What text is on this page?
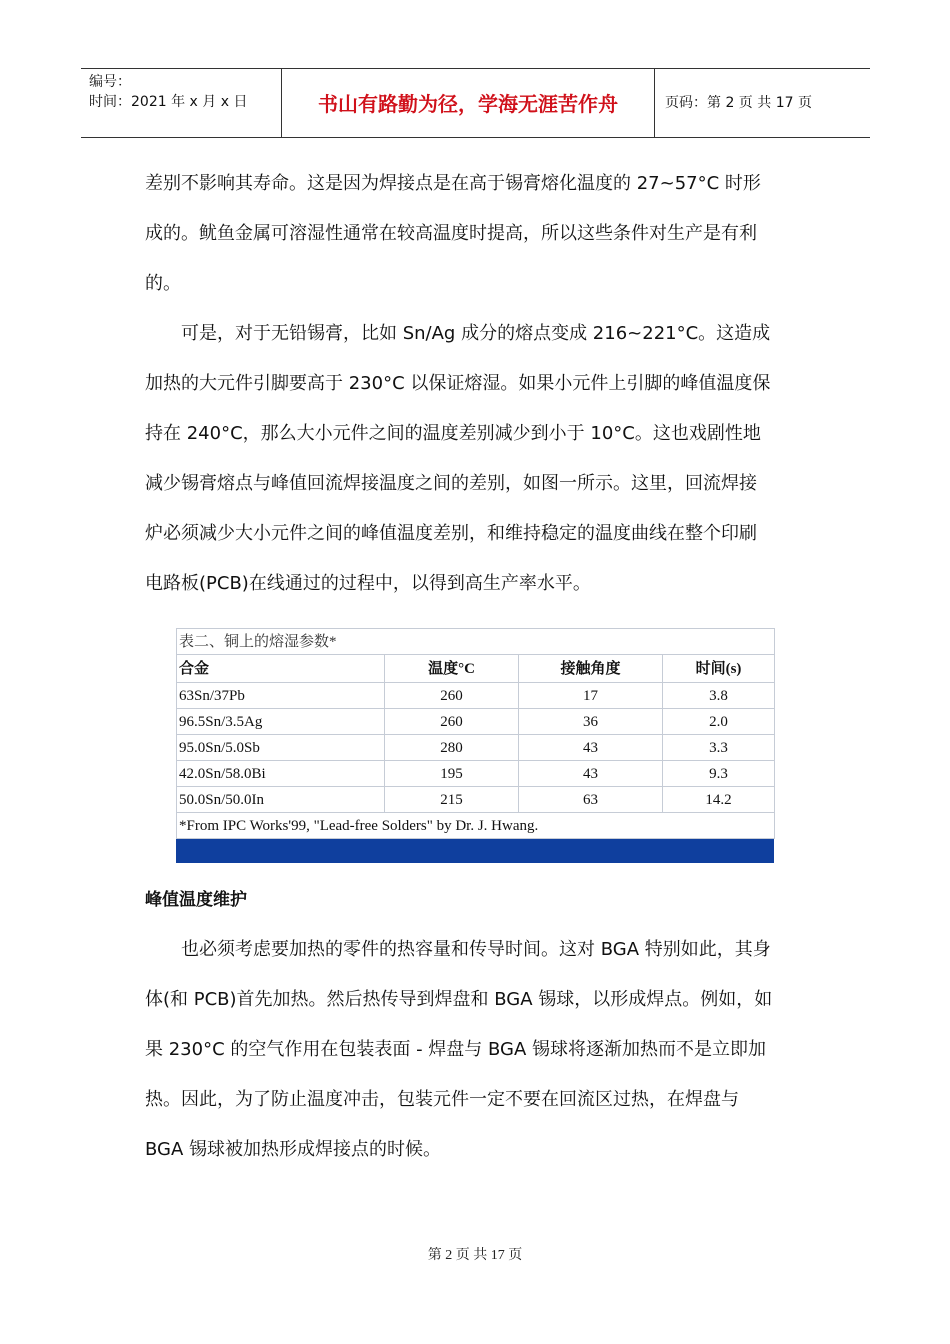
编号：
时间：2021 年 x 月 x 日	书山有路勤为径，学海无涯苦作舟	页码：第 2 页 共 17 页
差别不影响其寿命。这是因为焊接点是在高于锡膏熔化温度的 27~57°C 时形
成的。鱿鱼金属可溶湿性通常在较高温度时提高，所以这些条件对生产是有利
的。
可是，对于无铅锡膏，比如 Sn/Ag 成分的熔点变成 216~221°C。这造成
加热的大元件引脚要高于 230°C 以保证熔湿。如果小元件上引脚的峰值温度保
持在 240°C，那么大小元件之间的温度差别减少到小于 10°C。这也戏剧性地
减少锡膏熔点与峰值回流焊接温度之间的差别，如图一所示。这里，回流焊接
炉必须减少大小元件之间的峰值温度差别，和维持稳定的温度曲线在整个印刷
电路板(PCB)在线通过的过程中，以得到高生产率水平。
表二、铜上的熔湿参数*			
合金	温度°C	接触角度	时间(s)
63Sn/37Pb	260	17	3.8
96.5Sn/3.5Ag	260	36	2.0
95.0Sn/5.0Sb	280	43	3.3
42.0Sn/58.0Bi	195	43	9.3
50.0Sn/50.0In	215	63	14.2
*From IPC Works'99, "Lead-free Solders" by Dr. J. Hwang.			
峰值温度维护
也必须考虑要加热的零件的热容量和传导时间。这对 BGA 特别如此，其身
体(和 PCB)首先加热。然后热传导到焊盘和 BGA 锡球，以形成焊点。例如，如
果 230°C 的空气作用在包装表面 - 焊盘与 BGA 锡球将逐渐加热而不是立即加
热。因此，为了防止温度冲击，包装元件一定不要在回流区过热，在焊盘与
BGA 锡球被加热形成焊接点的时候。
第 2 页 共 17 页
